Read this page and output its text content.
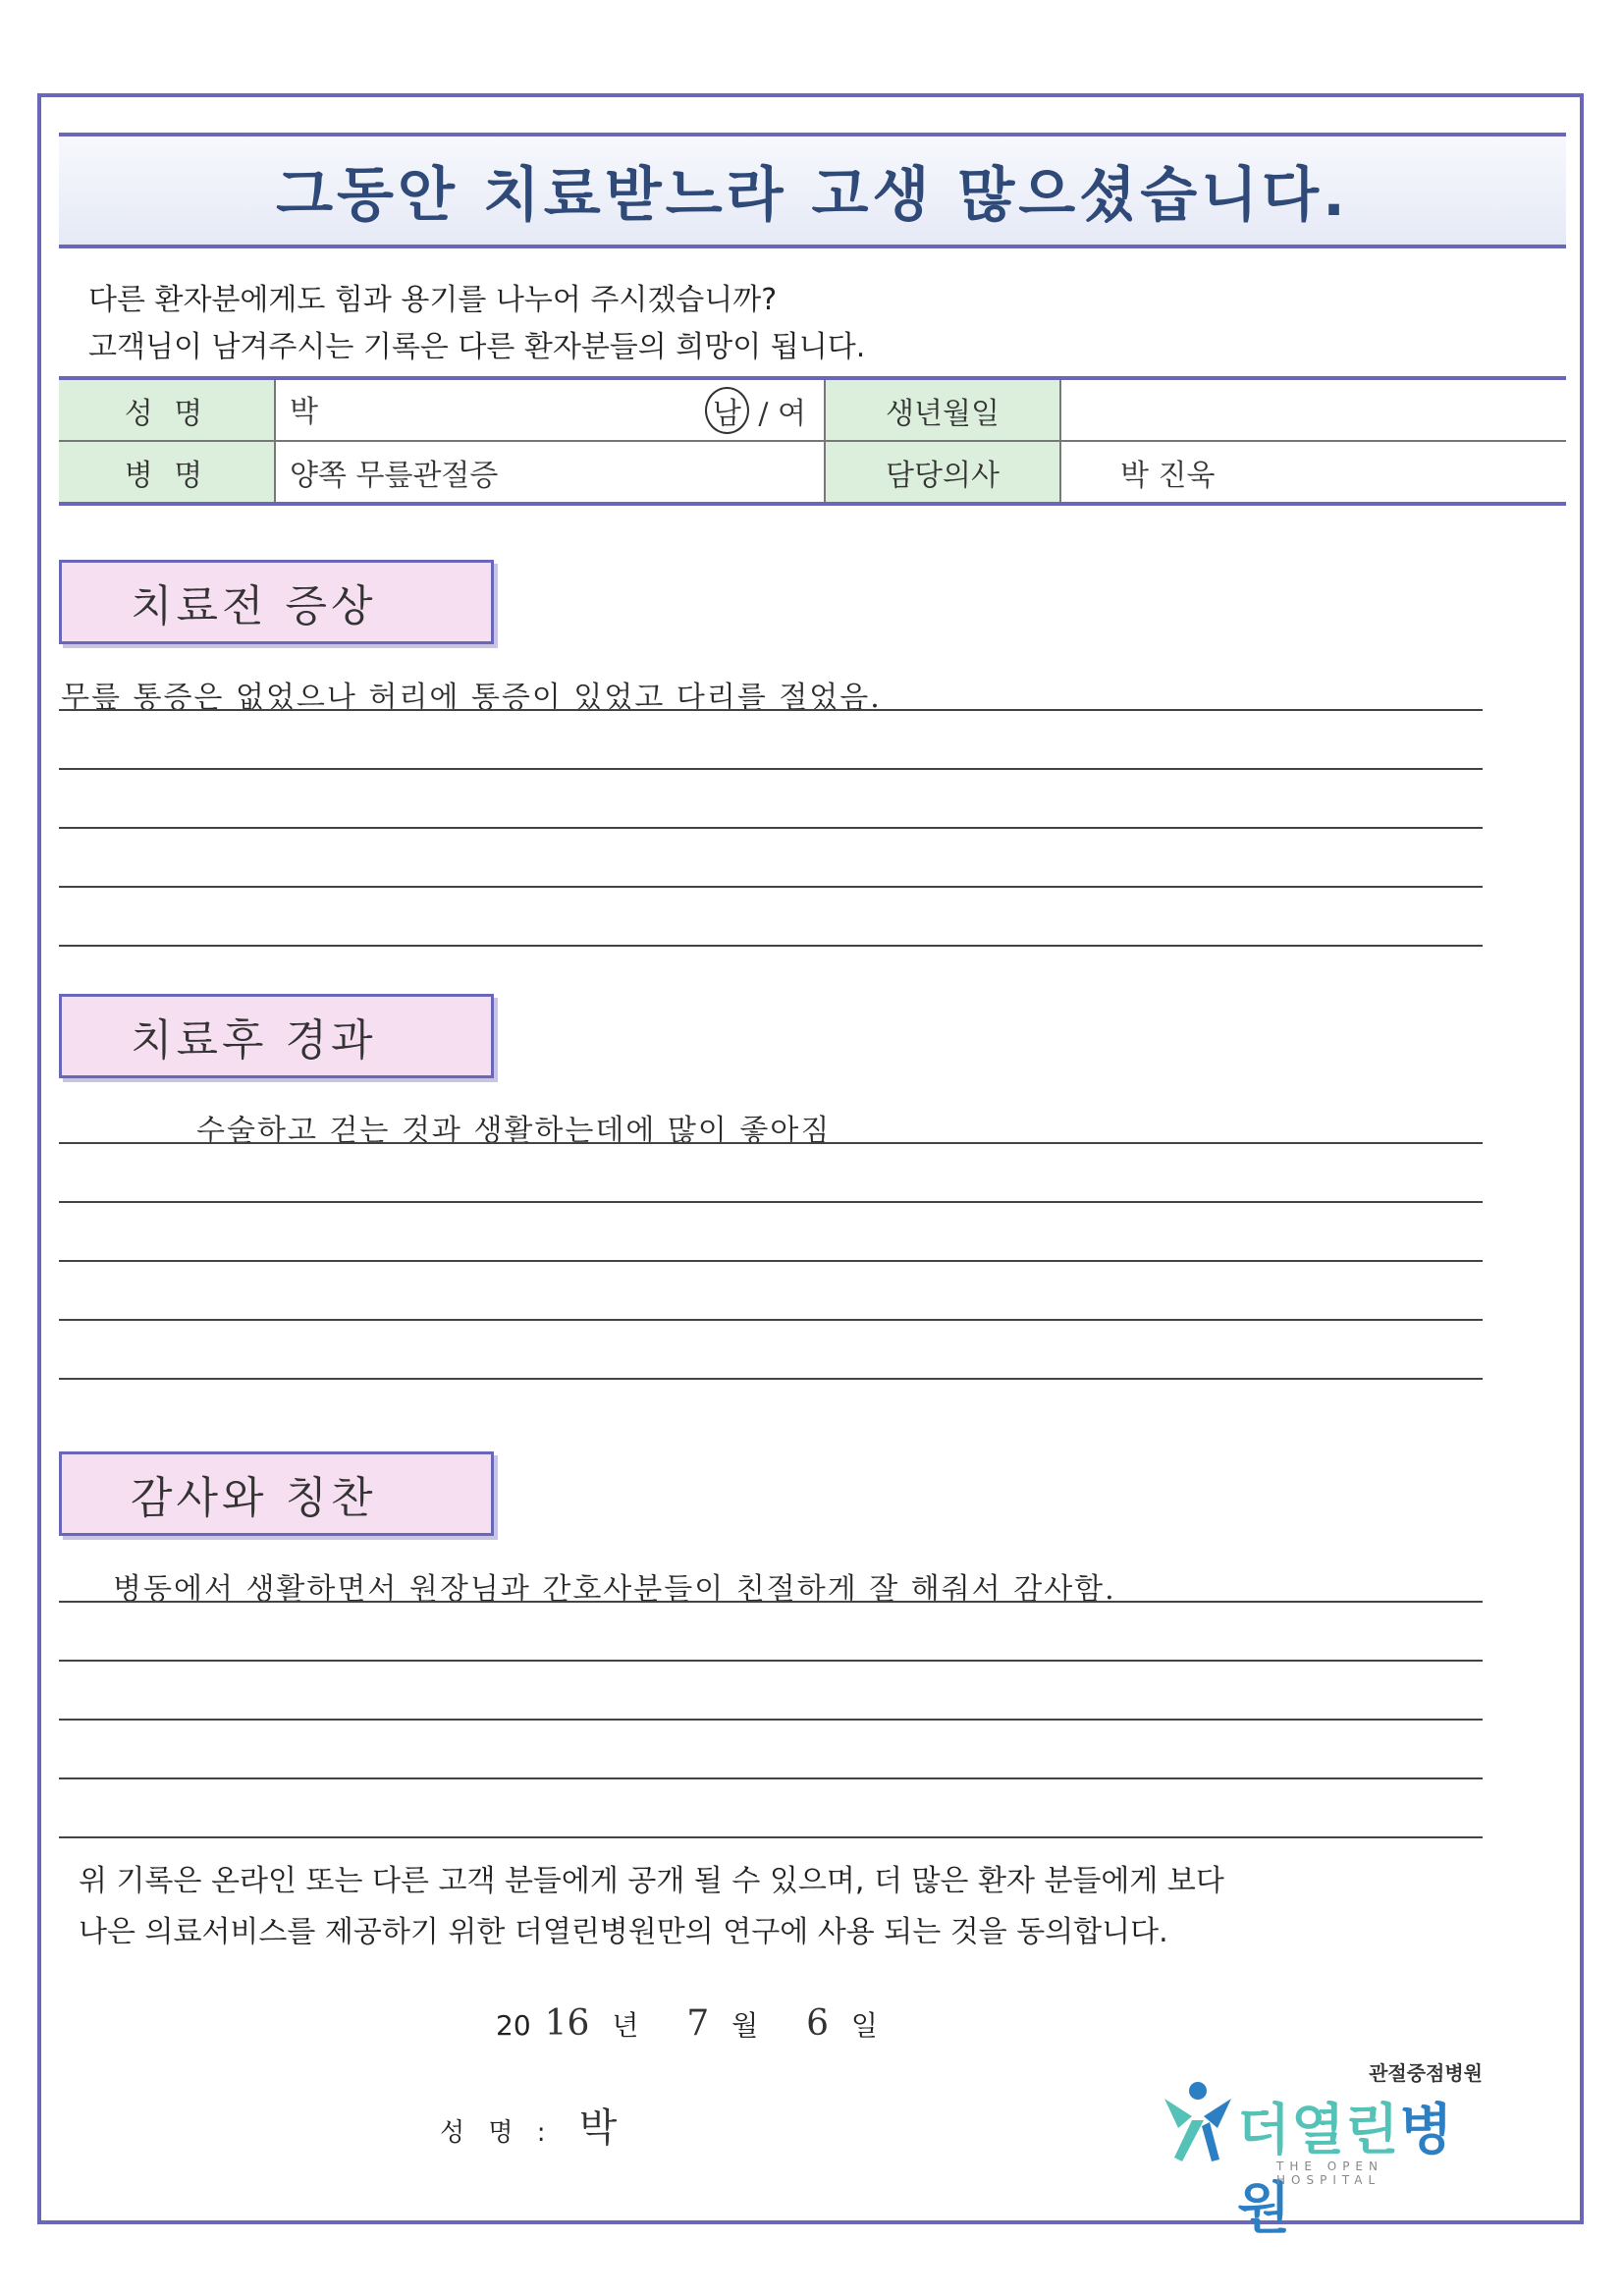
그동안 치료받느라 고생 많으셨습니다.
다른 환자분에게도 힘과 용기를 나누어 주시겠습니까?
고객님이 남겨주시는 기록은 다른 환자분들의 희망이 됩니다.
성 명	박 남 / 여	생년월일	
병 명	양쪽 무릎관절증	담당의사	박 진욱
치료전 증상
무릎 통증은 없었으나 허리에 통증이 있었고 다리를 절었음.
치료후 경과
수술하고 걷는 것과 생활하는데에 많이 좋아짐
감사와 칭찬
병동에서 생활하면서 원장님과 간호사분들이 친절하게 잘 해줘서 감사함.
위 기록은 온라인 또는 다른 고객 분들에게 공개 될 수 있으며, 더 많은 환자 분들에게 보다
나은 의료서비스를 제공하기 위한 더열린병원만의 연구에 사용 되는 것을 동의합니다.
20 16 년 7 월 6 일
성 명 : 박
관절중점병원
더열린병원
THE OPEN HOSPITAL
